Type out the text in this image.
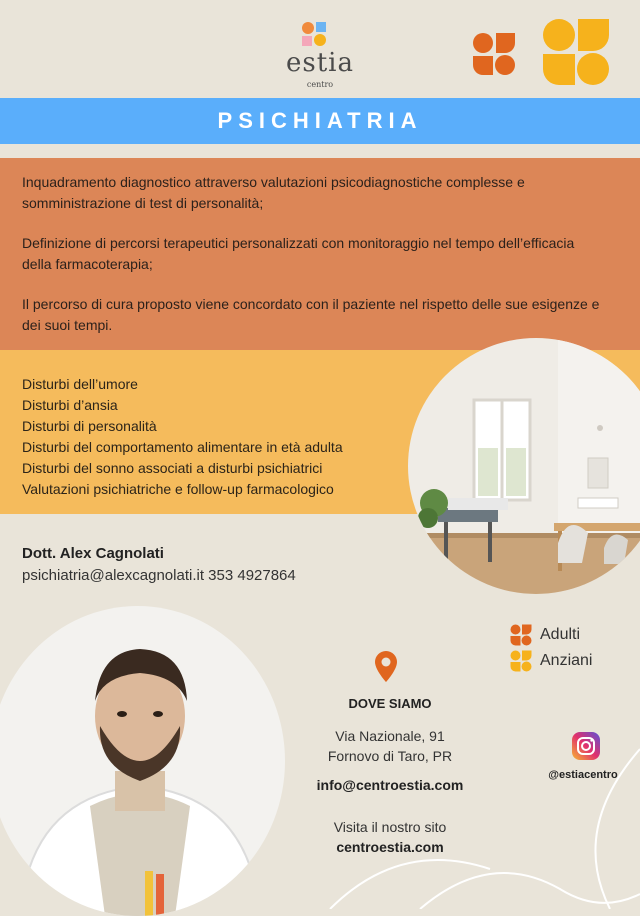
estia
centro
PSICHIATRIA

Inquadramento diagnostico attraverso valutazioni psicodiagnostiche complesse e somministrazione di test di personalità;

Definizione di percorsi terapeutici personalizzati con monitoraggio nel tempo dell’efficacia della farmacoterapia;

Il percorso di cura proposto viene concordato con il paziente nel rispetto delle sue esigenze e dei suoi tempi.

Disturbi dell’umore
Disturbi d’ansia
Disturbi di personalità
Disturbi del comportamento alimentare in età adulta
Disturbi del sonno associati a disturbi psichiatrici
Valutazioni psichiatriche e follow-up farmacologico
Dott. Alex Cagnolati
psichiatria@alexcagnolati.it 353 4927864
Adulti
Anziani
DOVE SIAMO
Via Nazionale, 91
Fornovo di Taro, PR
info@centroestia.com
Visita il nostro sito
centroestia.com
@estiacentro
